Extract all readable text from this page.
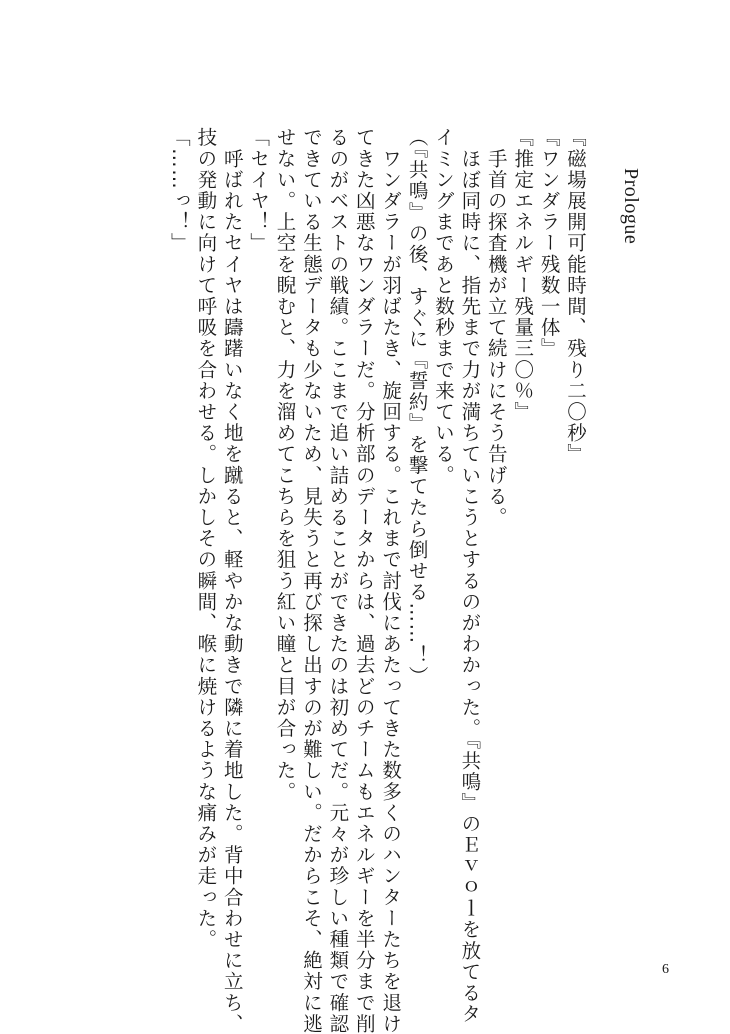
Prologue

『磁場展開可能時間、残り二〇秒』

『ワンダラー残数一体』

『推定エネルギー残量三〇％』

　手首の探査機が立て続けにそう告げる。

　ほぼ同時に、指先まで力が満ちていこうとするのがわかった。『共鳴』のＥｖｏｌを放てるタ

イミングまであと数秒まで来ている。

（『共鳴』の後、すぐに『誓約』を撃てたら倒せる……！）

　ワンダラーが羽ばたき、旋回する。これまで討伐にあたってきた数多くのハンターたちを退け

てきた凶悪なワンダラーだ。分析部のデータからは、過去どのチームもエネルギーを半分まで削

るのがベストの戦績。ここまで追い詰めることができたのは初めてだ。元々が珍しい種類で確認

できている生態データも少ないため、見失うと再び探し出すのが難しい。だからこそ、絶対に逃

せない。上空を睨むと、力を溜めてこちらを狙う紅い瞳と目が合った。

「セイヤ！」

　呼ばれたセイヤは躊躇いなく地を蹴ると、軽やかな動きで隣に着地した。背中合わせに立ち、

技の発動に向けて呼吸を合わせる。しかしその瞬間、喉に焼けるような痛みが走った。

「……っ！」

6
